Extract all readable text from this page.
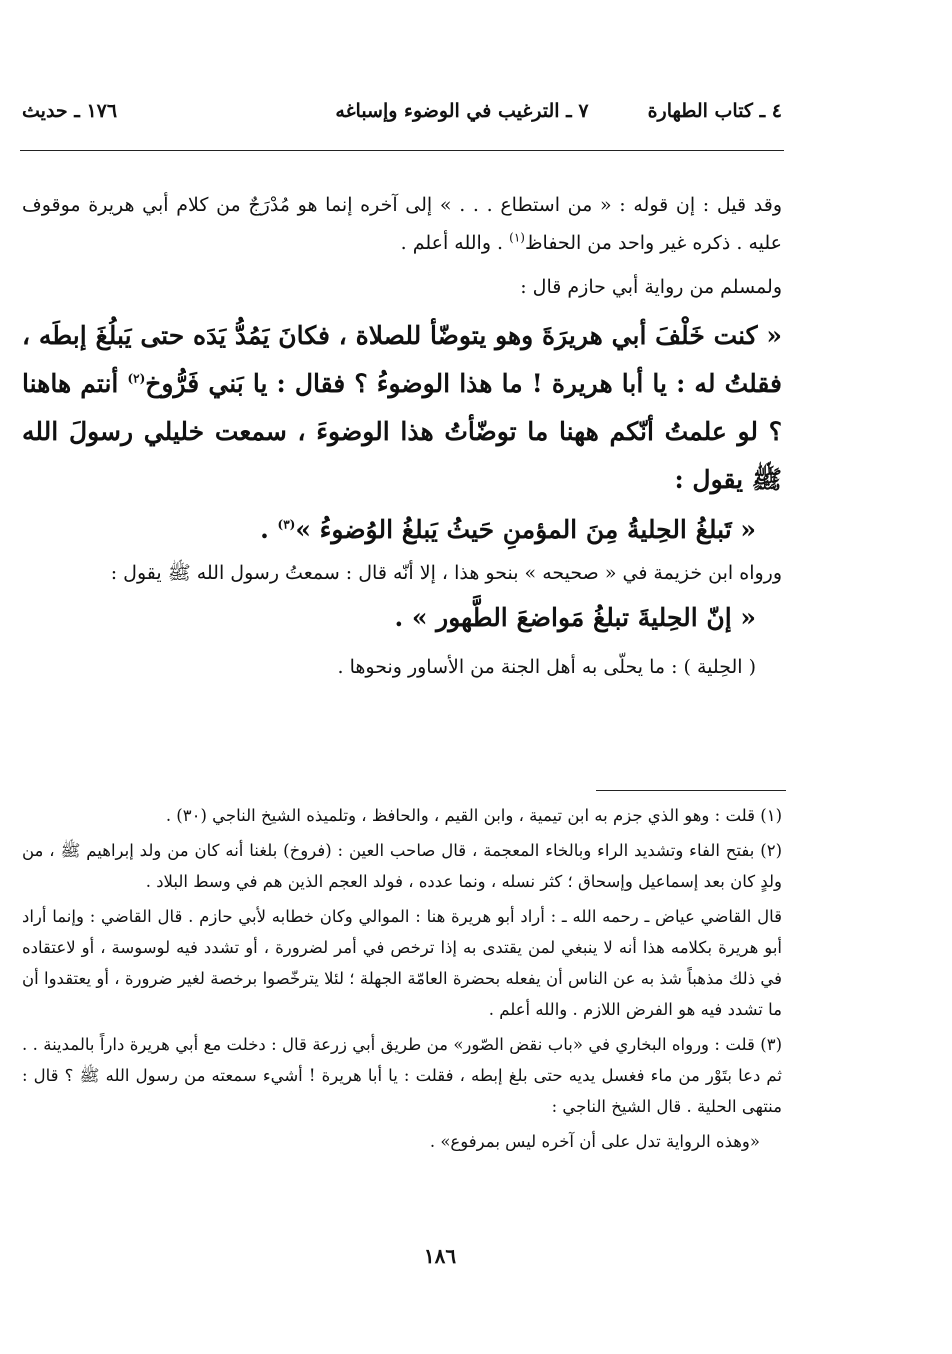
٤ ـ كتاب الطهارة
٧ ـ الترغيب في الوضوء وإسباغه
١٧٦ ـ حديث

وقد قيل : إن قوله : « من استطاع . . . » إلى آخره إنما هو مُدْرَجٌ من كلام أبي هريرة موقوف عليه . ذكره غير واحد من الحفاظ$^{(١)}$ . والله أعلم .

ولمسلم من رواية أبي حازم قال :

« كنت خَلْفَ أبي هريرَةَ وهو يتوضّأ للصلاة ، فكانَ يَمُدُّ يَدَه حتى يَبلُغَ إبطَه ، فقلتُ له : يا أبا هريرة ! ما هذا الوضوءُ ؟ فقال : يا بَني فَرُّوخ$^{(٢)}$ أنتم هاهنا ؟ لو علمتُ أنّكم ههنا ما توضّأتُ هذا الوضوءَ ، سمعت خليلي رسولَ الله ﷺ يقول :

« تَبلغُ الحِليةُ مِنَ المؤمنِ حَيثُ يَبلغُ الوُضوءُ »$^{(٣)}$ .

ورواه ابن خزيمة في « صحيحه » بنحو هذا ، إلا أنّه قال : سمعتُ رسول الله ﷺ يقول :

« إنّ الحِليةَ تبلغُ مَواضعَ الطَّهور » .

( الحِلية ) : ما يحلّى به أهل الجنة من الأساور ونحوها .

(١) قلت : وهو الذي جزم به ابن تيمية ، وابن القيم ، والحافظ ، وتلميذه الشيخ الناجي (٣٠) .

(٢) بفتح الفاء وتشديد الراء وبالخاء المعجمة ، قال صاحب العين : (فروخ) بلغنا أنه كان من ولد إبراهيم ﷺ ، من ولدٍ كان بعد إسماعيل وإسحاق ؛ كثر نسله ، ونما عدده ، فولد العجم الذين هم في وسط البلاد .

قال القاضي عياض ـ رحمه الله ـ : أراد أبو هريرة هنا : الموالي وكان خطابه لأبي حازم . قال القاضي : وإنما أراد أبو هريرة بكلامه هذا أنه لا ينبغي لمن يقتدى به إذا ترخص في أمر لضرورة ، أو تشدد فيه لوسوسة ، أو لاعتقاده في ذلك مذهباً شذ به عن الناس أن يفعله بحضرة العامّة الجهلة ؛ لئلا يترخّصوا برخصة لغير ضرورة ، أو يعتقدوا أن ما تشدد فيه هو الفرض اللازم . والله أعلم .

(٣) قلت : ورواه البخاري في «باب نقض الصّور» من طريق أبي زرعة قال : دخلت مع أبي هريرة داراً بالمدينة . . ثم دعا بتَوْر من ماء فغسل يديه حتى بلغ إبطه ، فقلت : يا أبا هريرة ! أشيء سمعته من رسول الله ﷺ ؟ قال : منتهى الحلية . قال الشيخ الناجي :

«وهذه الرواية تدل على أن آخره ليس بمرفوع» .

١٨٦
